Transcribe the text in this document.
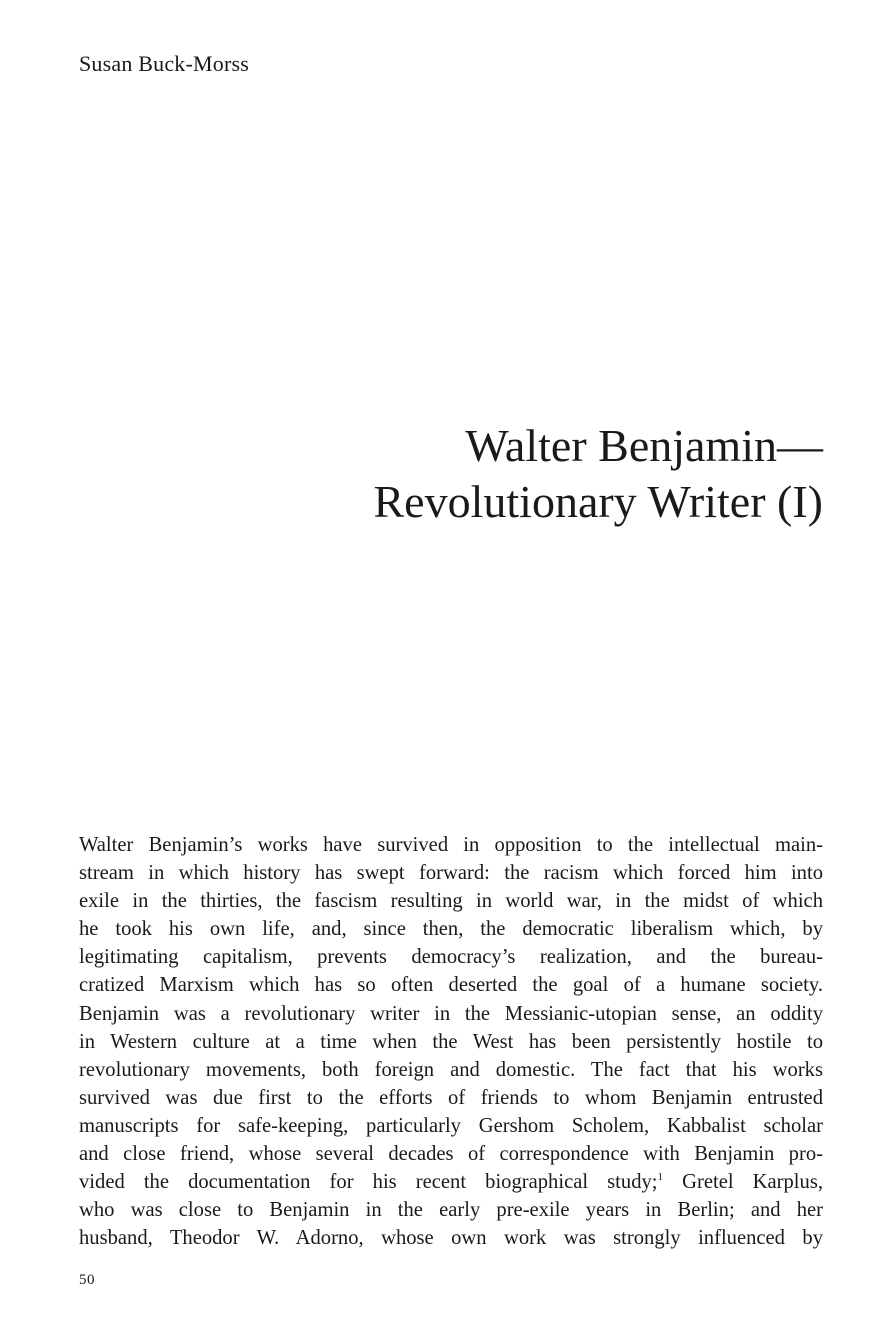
Susan Buck-Morss
Walter Benjamin—
Revolutionary Writer (I)
Walter Benjamin’s works have survived in opposition to the intellectual main-
stream in which history has swept forward: the racism which forced him into
exile in the thirties, the fascism resulting in world war, in the midst of which
he took his own life, and, since then, the democratic liberalism which, by
legitimating capitalism, prevents democracy’s realization, and the bureau-
cratized Marxism which has so often deserted the goal of a humane society.
Benjamin was a revolutionary writer in the Messianic-utopian sense, an oddity
in Western culture at a time when the West has been persistently hostile to
revolutionary movements, both foreign and domestic. The fact that his works
survived was due first to the efforts of friends to whom Benjamin entrusted
manuscripts for safe-keeping, particularly Gershom Scholem, Kabbalist scholar
and close friend, whose several decades of correspondence with Benjamin pro-
vided the documentation for his recent biographical study;$^1$ Gretel Karplus,
who was close to Benjamin in the early pre-exile years in Berlin; and her
husband, Theodor W. Adorno, whose own work was strongly influenced by
50
